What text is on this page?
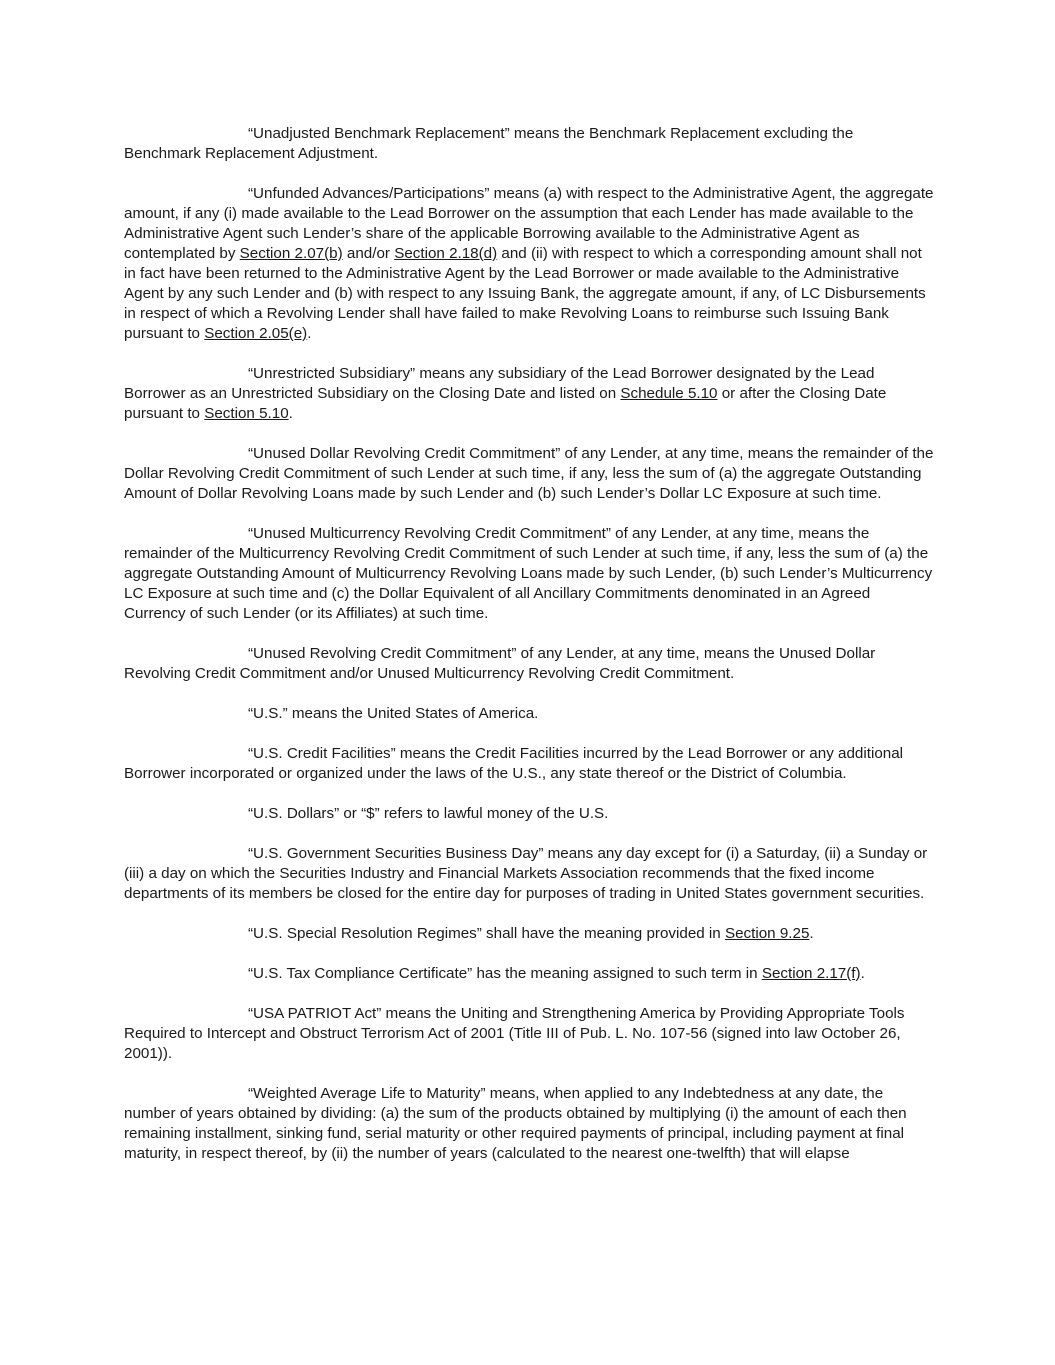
“Unadjusted Benchmark Replacement” means the Benchmark Replacement excluding the Benchmark Replacement Adjustment.

“Unfunded Advances/Participations” means (a) with respect to the Administrative Agent, the aggregate amount, if any (i) made available to the Lead Borrower on the assumption that each Lender has made available to the Administrative Agent such Lender’s share of the applicable Borrowing available to the Administrative Agent as contemplated by Section 2.07(b) and/or Section 2.18(d) and (ii) with respect to which a corresponding amount shall not in fact have been returned to the Administrative Agent by the Lead Borrower or made available to the Administrative Agent by any such Lender and (b) with respect to any Issuing Bank, the aggregate amount, if any, of LC Disbursements in respect of which a Revolving Lender shall have failed to make Revolving Loans to reimburse such Issuing Bank pursuant to Section 2.05(e).

“Unrestricted Subsidiary” means any subsidiary of the Lead Borrower designated by the Lead Borrower as an Unrestricted Subsidiary on the Closing Date and listed on Schedule 5.10 or after the Closing Date pursuant to Section 5.10.

“Unused Dollar Revolving Credit Commitment” of any Lender, at any time, means the remainder of the Dollar Revolving Credit Commitment of such Lender at such time, if any, less the sum of (a) the aggregate Outstanding Amount of Dollar Revolving Loans made by such Lender and (b) such Lender’s Dollar LC Exposure at such time.

“Unused Multicurrency Revolving Credit Commitment” of any Lender, at any time, means the remainder of the Multicurrency Revolving Credit Commitment of such Lender at such time, if any, less the sum of (a) the aggregate Outstanding Amount of Multicurrency Revolving Loans made by such Lender, (b) such Lender’s Multicurrency LC Exposure at such time and (c) the Dollar Equivalent of all Ancillary Commitments denominated in an Agreed Currency of such Lender (or its Affiliates) at such time.

“Unused Revolving Credit Commitment” of any Lender, at any time, means the Unused Dollar Revolving Credit Commitment and/or Unused Multicurrency Revolving Credit Commitment.

“U.S.” means the United States of America.

“U.S. Credit Facilities” means the Credit Facilities incurred by the Lead Borrower or any additional Borrower incorporated or organized under the laws of the U.S., any state thereof or the District of Columbia.

“U.S. Dollars” or “$” refers to lawful money of the U.S.

“U.S. Government Securities Business Day” means any day except for (i) a Saturday, (ii) a Sunday or (iii) a day on which the Securities Industry and Financial Markets Association recommends that the fixed income departments of its members be closed for the entire day for purposes of trading in United States government securities.

“U.S. Special Resolution Regimes” shall have the meaning provided in Section 9.25.

“U.S. Tax Compliance Certificate” has the meaning assigned to such term in Section 2.17(f).

“USA PATRIOT Act” means the Uniting and Strengthening America by Providing Appropriate Tools Required to Intercept and Obstruct Terrorism Act of 2001 (Title III of Pub. L. No. 107-56 (signed into law October 26, 2001)).

“Weighted Average Life to Maturity” means, when applied to any Indebtedness at any date, the number of years obtained by dividing: (a) the sum of the products obtained by multiplying (i) the amount of each then remaining installment, sinking fund, serial maturity or other required payments of principal, including payment at final maturity, in respect thereof, by (ii) the number of years (calculated to the nearest one-twelfth) that will elapse
